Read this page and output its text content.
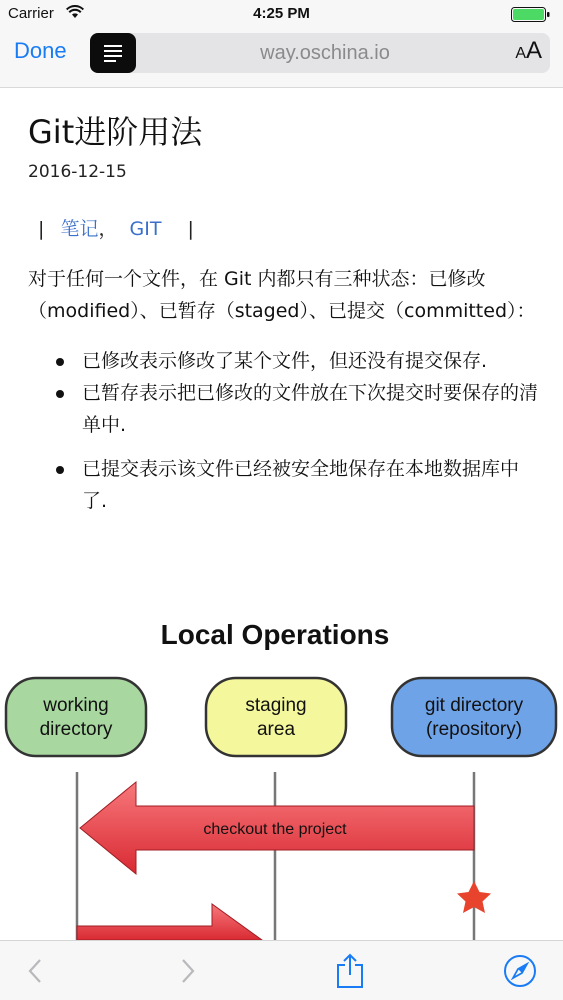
Carrier	4:25 PM
Done	way.oschina.io	AA
Git进阶用法
2016-12-15
| 笔记， GIT |

对于任何一个文件，在 Git 内都只有三种状态：已修改（modified）、已暂存（staged）、已提交（committed）：

已修改表示修改了某个文件，但还没有提交保存.
已暂存表示把已修改的文件放在下次提交时要保存的清单中.
已提交表示该文件已经被安全地保存在本地数据库中了.
Local Operations
working
directory
staging
area
git directory
(repository)
checkout the project
